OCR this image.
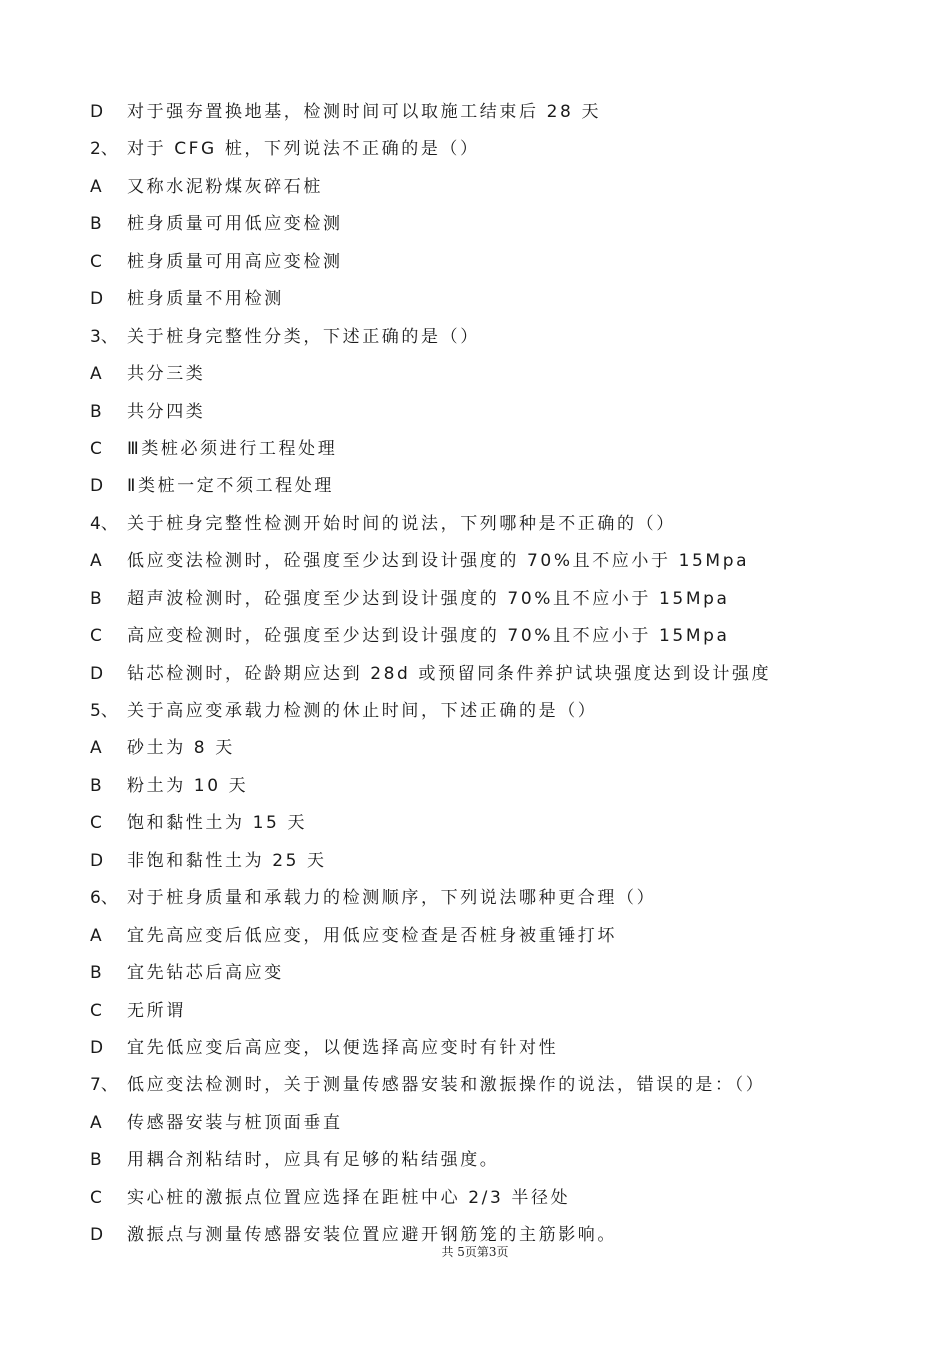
D	对于强夯置换地基，检测时间可以取施工结束后 28 天
2、 对于 CFG 桩，下列说法不正确的是（）
A	又称水泥粉煤灰碎石桩
B	桩身质量可用低应变检测
C	桩身质量可用高应变检测
D	桩身质量不用检测
3、 关于桩身完整性分类，下述正确的是（）
A	共分三类
B	共分四类
C	Ⅲ类桩必须进行工程处理
D	Ⅱ类桩一定不须工程处理
4、 关于桩身完整性检测开始时间的说法，下列哪种是不正确的（）
A	低应变法检测时，砼强度至少达到设计强度的 70%且不应小于 15Mpa
B	超声波检测时，砼强度至少达到设计强度的 70%且不应小于 15Mpa
C	高应变检测时，砼强度至少达到设计强度的 70%且不应小于 15Mpa
D	钻芯检测时，砼龄期应达到 28d 或预留同条件养护试块强度达到设计强度
5、 关于高应变承载力检测的休止时间，下述正确的是（）
A	砂土为 8 天
B	粉土为 10 天
C	饱和黏性土为 15 天
D	非饱和黏性土为 25 天
6、 对于桩身质量和承载力的检测顺序，下列说法哪种更合理（）
A	宜先高应变后低应变，用低应变检查是否桩身被重锤打坏
B	宜先钻芯后高应变
C	无所谓
D	宜先低应变后高应变，以便选择高应变时有针对性
7、 低应变法检测时，关于测量传感器安装和激振操作的说法，错误的是：（）
A	传感器安装与桩顶面垂直
B	用耦合剂粘结时，应具有足够的粘结强度。
C	实心桩的激振点位置应选择在距桩中心 2/3 半径处
D	激振点与测量传感器安装位置应避开钢筋笼的主筋影响。
共 5页第3页
